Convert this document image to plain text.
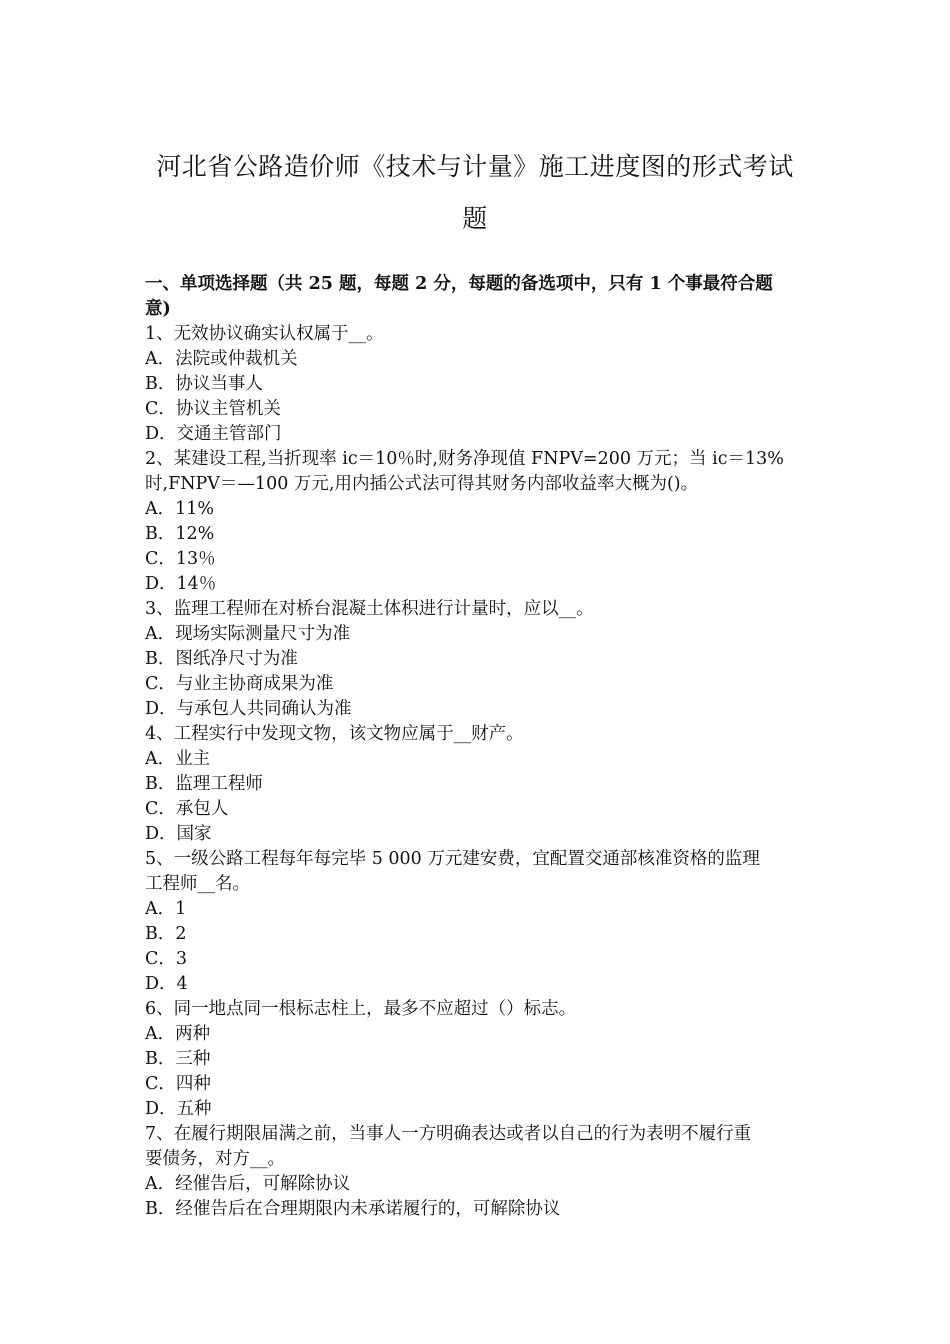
河北省公路造价师《技术与计量》施工进度图的形式考试
题
一、单项选择题（共 25 题，每题 2 分，每题的备选项中，只有 1 个事最符合题
意)
1、无效协议确实认权属于__。
A．法院或仲裁机关
B．协议当事人
C．协议主管机关
D．交通主管部门
2、某建设工程,当折现率 ic＝10％时,财务净现值 FNPV=200 万元；当 ic＝13%
时,FNPV＝—100 万元,用内插公式法可得其财务内部收益率大概为()。
A．11%
B．12%
C．13％
D．14％
3、监理工程师在对桥台混凝土体积进行计量时，应以__。
A．现场实际测量尺寸为准
B．图纸净尺寸为准
C．与业主协商成果为准
D．与承包人共同确认为准
4、工程实行中发现文物，该文物应属于__财产。
A．业主
B．监理工程师
C．承包人
D．国家
5、一级公路工程每年每完毕 5 000 万元建安费，宜配置交通部核准资格的监理
工程师__名。
A．1
B．2
C．3
D．4
6、同一地点同一根标志柱上，最多不应超过（）标志。
A．两种
B．三种
C．四种
D．五种
7、在履行期限届满之前，当事人一方明确表达或者以自己的行为表明不履行重
要债务，对方__。
A．经催告后，可解除协议
B．经催告后在合理期限内未承诺履行的，可解除协议
